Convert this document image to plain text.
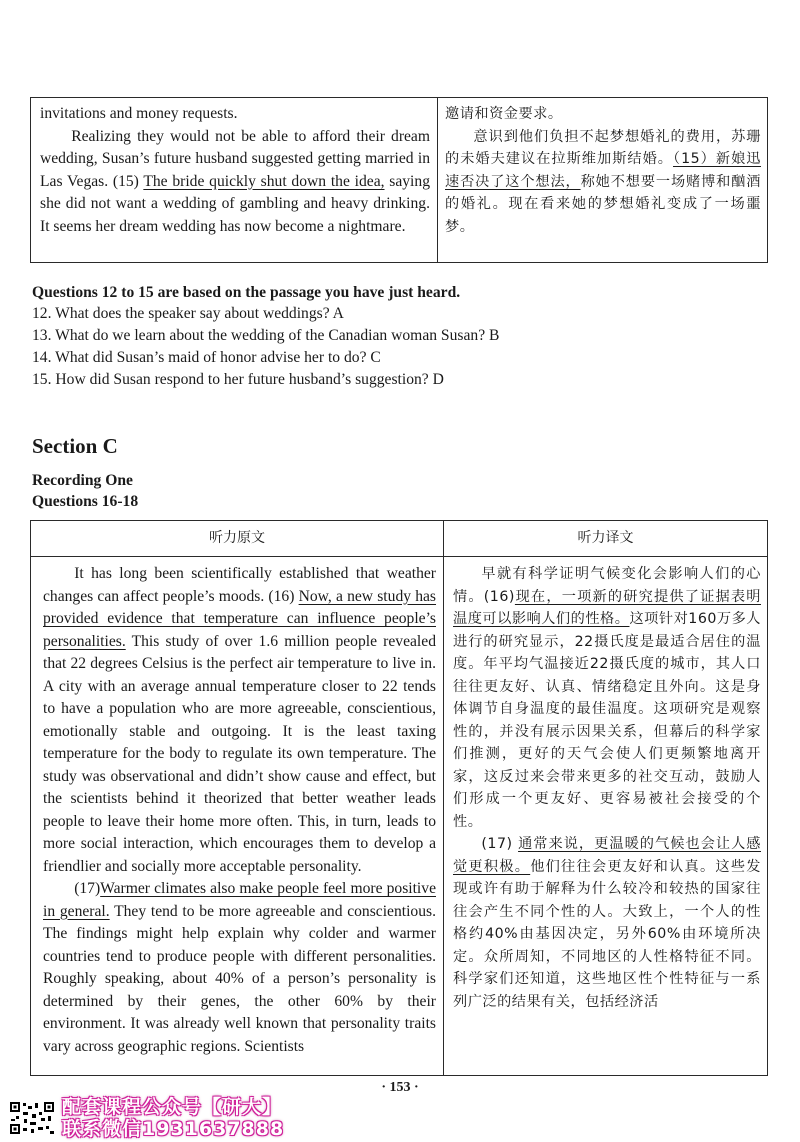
invitations and money requests.

Realizing they would not be able to afford their dream wedding, Susan’s future husband suggested getting married in Las Vegas. (15) The bride quickly shut down the idea, saying she did not want a wedding of gambling and heavy drinking. It seems her dream wedding has now become a nightmare.

邀请和资金要求。

意识到他们负担不起梦想婚礼的费用，苏珊的未婚夫建议在拉斯维加斯结婚。（15）新娘迅速否决了这个想法，称她不想要一场赌博和酗酒的婚礼。现在看来她的梦想婚礼变成了一场噩梦。

Questions 12 to 15 are based on the passage you have just heard.
12. What does the speaker say about weddings? A
13. What do we learn about the wedding of the Canadian woman Susan? B
14. What did Susan’s maid of honor advise her to do? C
15. How did Susan respond to her future husband’s suggestion? D
Section C
Recording One
Questions 16-18
听力原文	听力译文

It has long been scientifically established that weather changes can affect people’s moods. (16) Now, a new study has provided evidence that temperature can influence people’s personalities. This study of over 1.6 million people revealed that 22 degrees Celsius is the perfect air temperature to live in. A city with an average annual temperature closer to 22 tends to have a population who are more agreeable, conscientious, emotionally stable and outgoing. It is the least taxing temperature for the body to regulate its own temperature. The study was observational and didn’t show cause and effect, but the scientists behind it theorized that better weather leads people to leave their home more often. This, in turn, leads to more social interaction, which encourages them to develop a friendlier and socially more acceptable personality.

(17)Warmer climates also make people feel more positive in general. They tend to be more agreeable and conscientious. The findings might help explain why colder and warmer countries tend to produce people with different personalities. Roughly speaking, about 40% of a person’s personality is determined by their genes, the other 60% by their environment. It was already well known that personality traits vary across geographic regions. Scientists

早就有科学证明气候变化会影响人们的心情。(16)现在，一项新的研究提供了证据表明温度可以影响人们的性格。这项针对160万多人进行的研究显示，22摄氏度是最适合居住的温度。年平均气温接近22摄氏度的城市，其人口往往更友好、认真、情绪稳定且外向。这是身体调节自身温度的最佳温度。这项研究是观察性的，并没有展示因果关系，但幕后的科学家们推测，更好的天气会使人们更频繁地离开家，这反过来会带来更多的社交互动，鼓励人们形成一个更友好、更容易被社会接受的个性。

(17) 通常来说，更温暖的气候也会让人感觉更积极。他们往往会更友好和认真。这些发现或许有助于解释为什么较冷和较热的国家往往会产生不同个性的人。大致上，一个人的性格约40%由基因决定，另外60%由环境所决定。众所周知，不同地区的人性格特征不同。科学家们还知道，这些地区性个性特征与一系列广泛的结果有关，包括经济活

· 153 ·
配套课程公众号【研大】
联系微信1931637888
